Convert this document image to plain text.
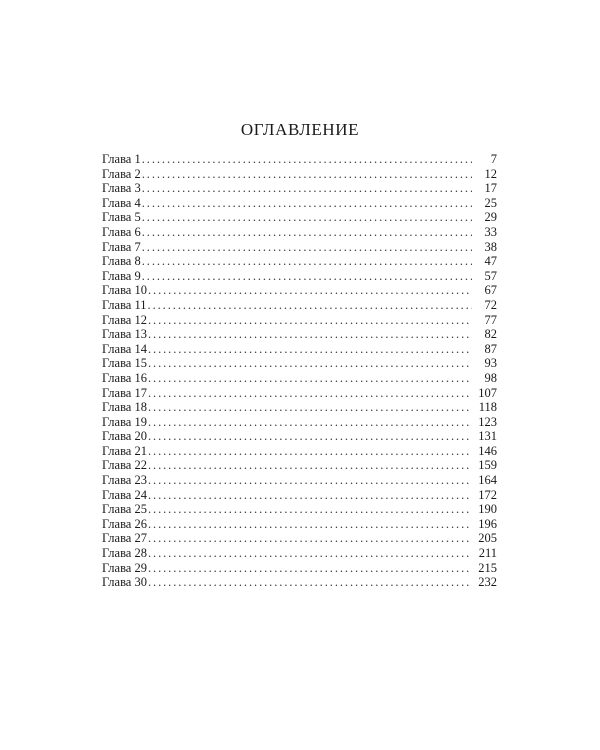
ОГЛАВЛЕНИЕ
Глава 1 . . .	7
Глава 2 . . .	12
Глава 3 . . .	17
Глава 4 . . .	25
Глава 5 . . .	29
Глава 6 . . .	33
Глава 7 . . .	38
Глава 8 . . .	47
Глава 9 . . .	57
Глава 10 . . .	67
Глава 11 . . .	72
Глава 12 . . .	77
Глава 13 . . .	82
Глава 14 . . .	87
Глава 15 . . .	93
Глава 16 . . .	98
Глава 17 . . .	107
Глава 18 . . .	118
Глава 19 . . .	123
Глава 20 . . .	131
Глава 21 . . .	146
Глава 22 . . .	159
Глава 23 . . .	164
Глава 24 . . .	172
Глава 25 . . .	190
Глава 26 . . .	196
Глава 27 . . .	205
Глава 28 . . .	211
Глава 29 . . .	215
Глава 30 . . .	232
